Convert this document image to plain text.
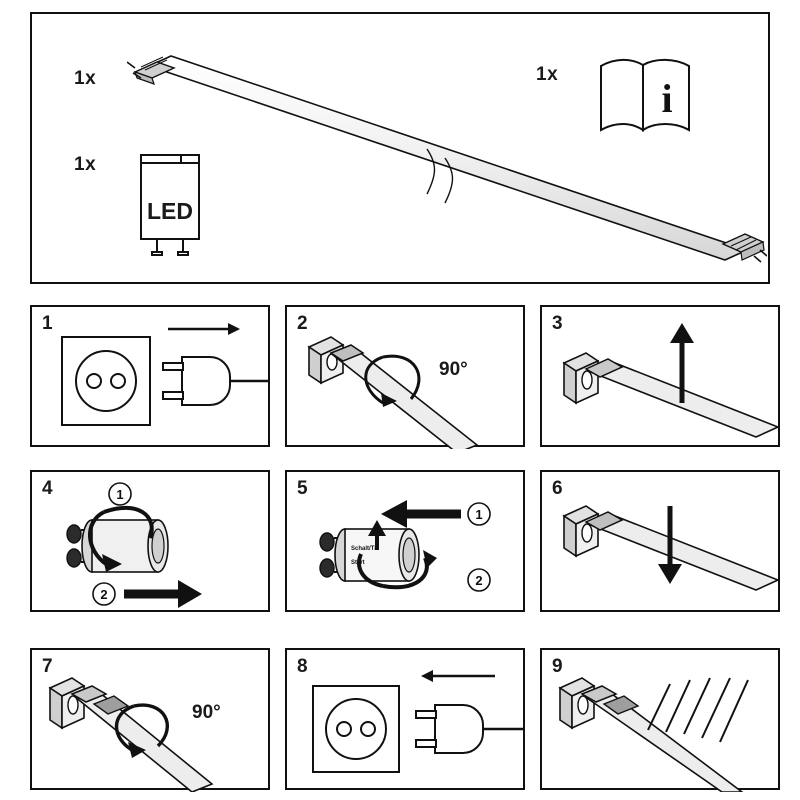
1x
1x
1x
LED
i
1	2
90°
3
4	1
2
5
1
Schalt/Ti
Start
2
6
7
90°
8	9
